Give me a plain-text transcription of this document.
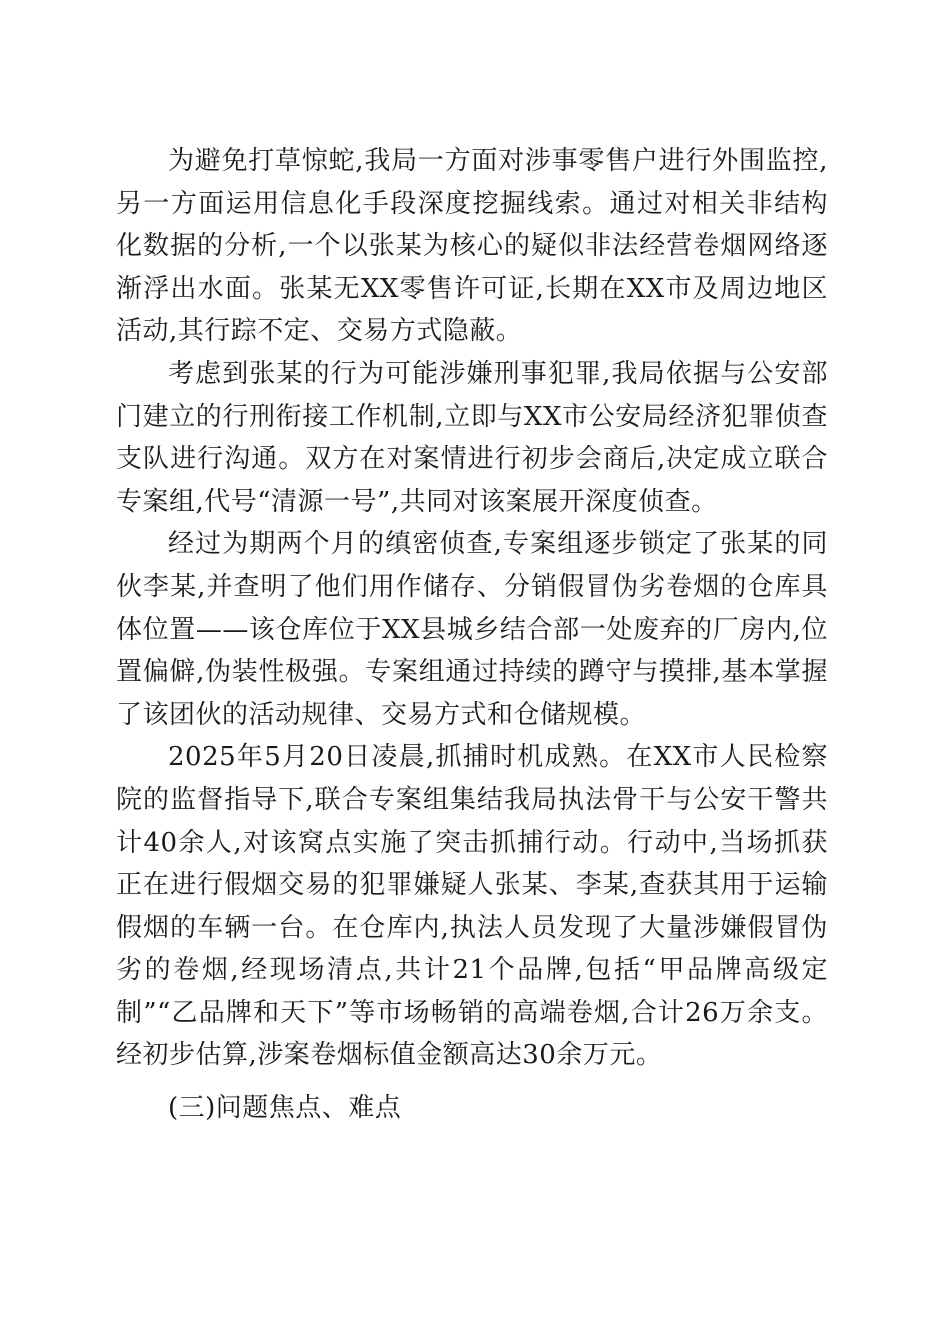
为避免打草惊蛇,我局一方面对涉事零售户进行外围监控,另一方面运用信息化手段深度挖掘线索。通过对相关非结构化数据的分析,一个以张某为核心的疑似非法经营卷烟网络逐渐浮出水面。张某无XX零售许可证,长期在XX市及周边地区活动,其行踪不定、交易方式隐蔽。

考虑到张某的行为可能涉嫌刑事犯罪,我局依据与公安部门建立的行刑衔接工作机制,立即与XX市公安局经济犯罪侦查支队进行沟通。双方在对案情进行初步会商后,决定成立联合专案组,代号“清源一号”,共同对该案展开深度侦查。

经过为期两个月的缜密侦查,专案组逐步锁定了张某的同伙李某,并查明了他们用作储存、分销假冒伪劣卷烟的仓库具体位置——该仓库位于XX县城乡结合部一处废弃的厂房内,位置偏僻,伪装性极强。专案组通过持续的蹲守与摸排,基本掌握了该团伙的活动规律、交易方式和仓储规模。

2025年5月20日凌晨,抓捕时机成熟。在XX市人民检察院的监督指导下,联合专案组集结我局执法骨干与公安干警共计40余人,对该窝点实施了突击抓捕行动。行动中,当场抓获正在进行假烟交易的犯罪嫌疑人张某、李某,查获其用于运输假烟的车辆一台。在仓库内,执法人员发现了大量涉嫌假冒伪劣的卷烟,经现场清点,共计21个品牌,包括“甲品牌高级定制”“乙品牌和天下”等市场畅销的高端卷烟,合计26万余支。经初步估算,涉案卷烟标值金额高达30余万元。

(三)问题焦点、难点
